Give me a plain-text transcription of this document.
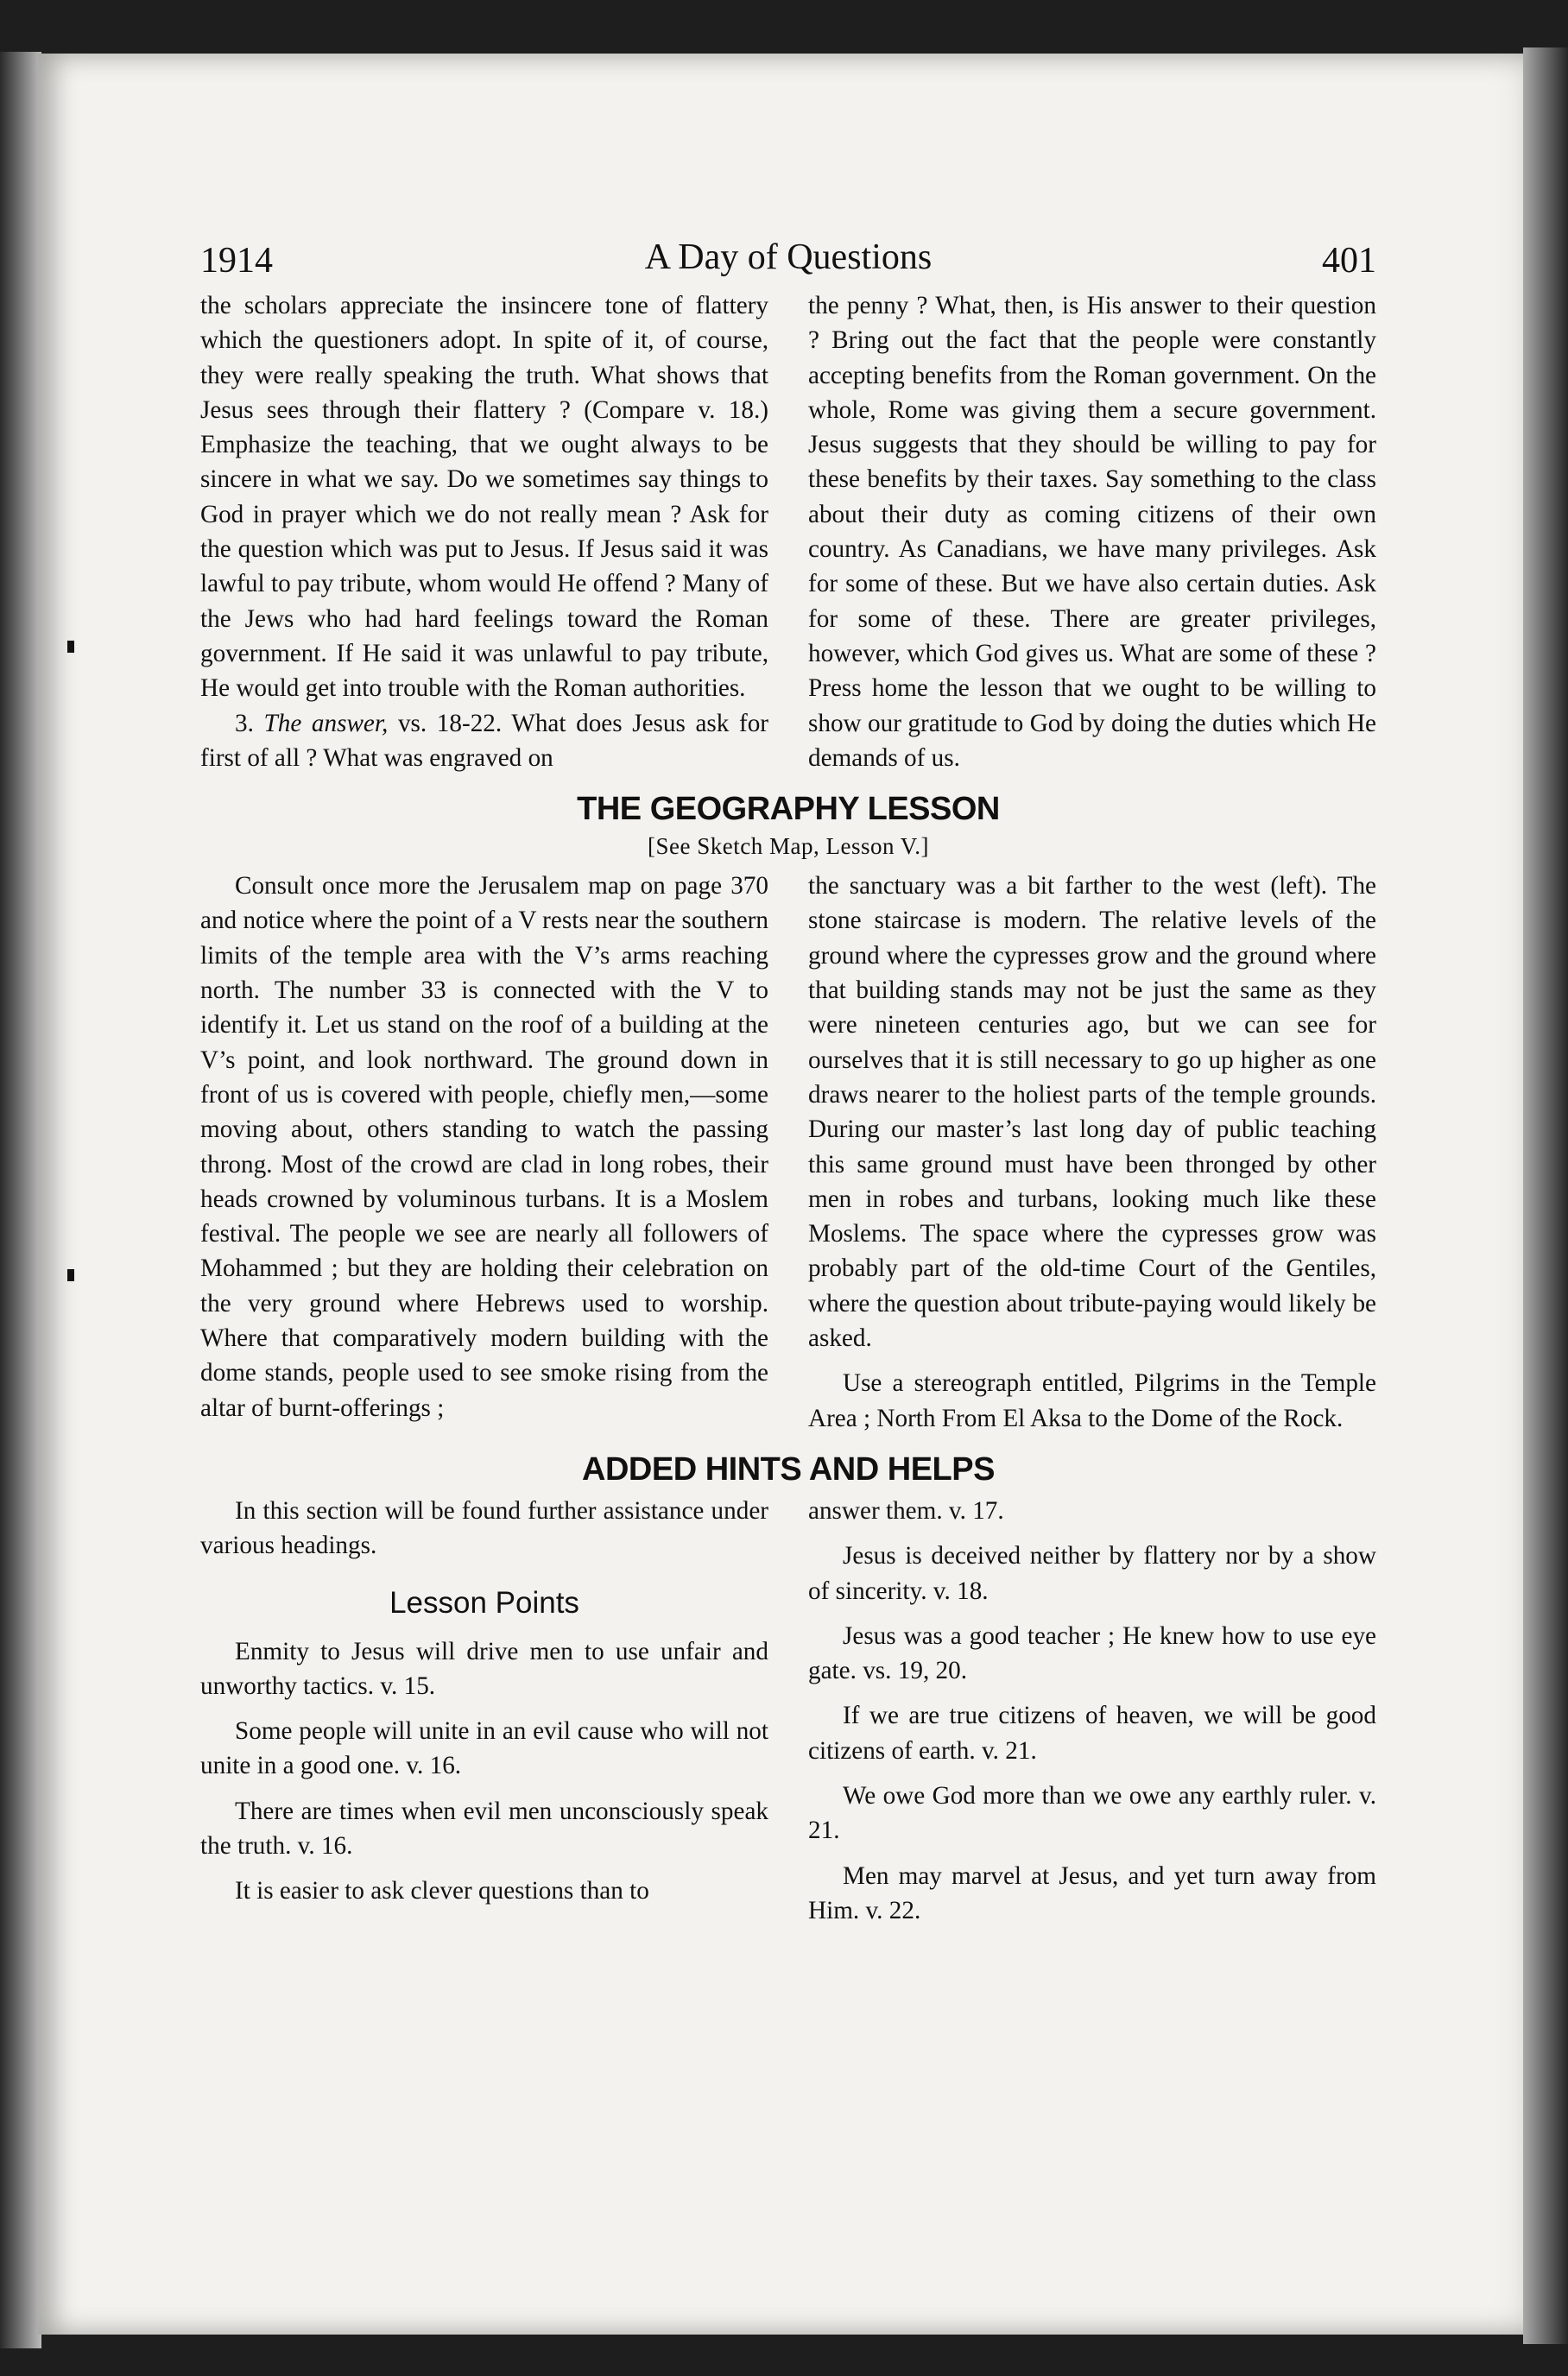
1914	A Day of Questions	401

the scholars appreciate the insincere tone of flattery which the questioners adopt. In spite of it, of course, they were really speaking the truth. What shows that Jesus sees through their flattery ? (Compare v. 18.) Emphasize the teaching, that we ought always to be sincere in what we say. Do we sometimes say things to God in prayer which we do not really mean ? Ask for the question which was put to Jesus. If Jesus said it was lawful to pay tribute, whom would He offend ? Many of the Jews who had hard feelings toward the Roman government. If He said it was unlawful to pay tribute, He would get into trouble with the Roman authorities.

3. The answer, vs. 18-22. What does Jesus ask for first of all ? What was engraved on

the penny ? What, then, is His answer to their question ? Bring out the fact that the people were constantly accepting benefits from the Roman government. On the whole, Rome was giving them a secure government. Jesus suggests that they should be willing to pay for these benefits by their taxes. Say something to the class about their duty as coming citizens of their own country. As Canadians, we have many privileges. Ask for some of these. But we have also certain duties. Ask for some of these. There are greater privileges, however, which God gives us. What are some of these ? Press home the lesson that we ought to be willing to show our gratitude to God by doing the duties which He demands of us.

THE GEOGRAPHY LESSON
[See Sketch Map, Lesson V.]

Consult once more the Jerusalem map on page 370 and notice where the point of a V rests near the southern limits of the temple area with the V’s arms reaching north. The number 33 is connected with the V to identify it. Let us stand on the roof of a building at the V’s point, and look northward. The ground down in front of us is covered with people, chiefly men,—some moving about, others standing to watch the passing throng. Most of the crowd are clad in long robes, their heads crowned by voluminous turbans. It is a Moslem festival. The people we see are nearly all followers of Mohammed ; but they are holding their celebration on the very ground where Hebrews used to worship. Where that comparatively modern building with the dome stands, people used to see smoke rising from the altar of burnt-offerings ;

the sanctuary was a bit farther to the west (left). The stone staircase is modern. The relative levels of the ground where the cypresses grow and the ground where that building stands may not be just the same as they were nineteen centuries ago, but we can see for ourselves that it is still necessary to go up higher as one draws nearer to the holiest parts of the temple grounds. During our master’s last long day of public teaching this same ground must have been thronged by other men in robes and turbans, looking much like these Moslems. The space where the cypresses grow was probably part of the old-time Court of the Gentiles, where the question about tribute-paying would likely be asked.

Use a stereograph entitled, Pilgrims in the Temple Area ; North From El Aksa to the Dome of the Rock.

ADDED HINTS AND HELPS

In this section will be found further assistance under various headings.

Lesson Points

Enmity to Jesus will drive men to use unfair and unworthy tactics. v. 15.

Some people will unite in an evil cause who will not unite in a good one. v. 16.

There are times when evil men unconsciously speak the truth. v. 16.

It is easier to ask clever questions than to

answer them. v. 17.

Jesus is deceived neither by flattery nor by a show of sincerity. v. 18.

Jesus was a good teacher ; He knew how to use eye gate. vs. 19, 20.

If we are true citizens of heaven, we will be good citizens of earth. v. 21.

We owe God more than we owe any earthly ruler. v. 21.

Men may marvel at Jesus, and yet turn away from Him. v. 22.
